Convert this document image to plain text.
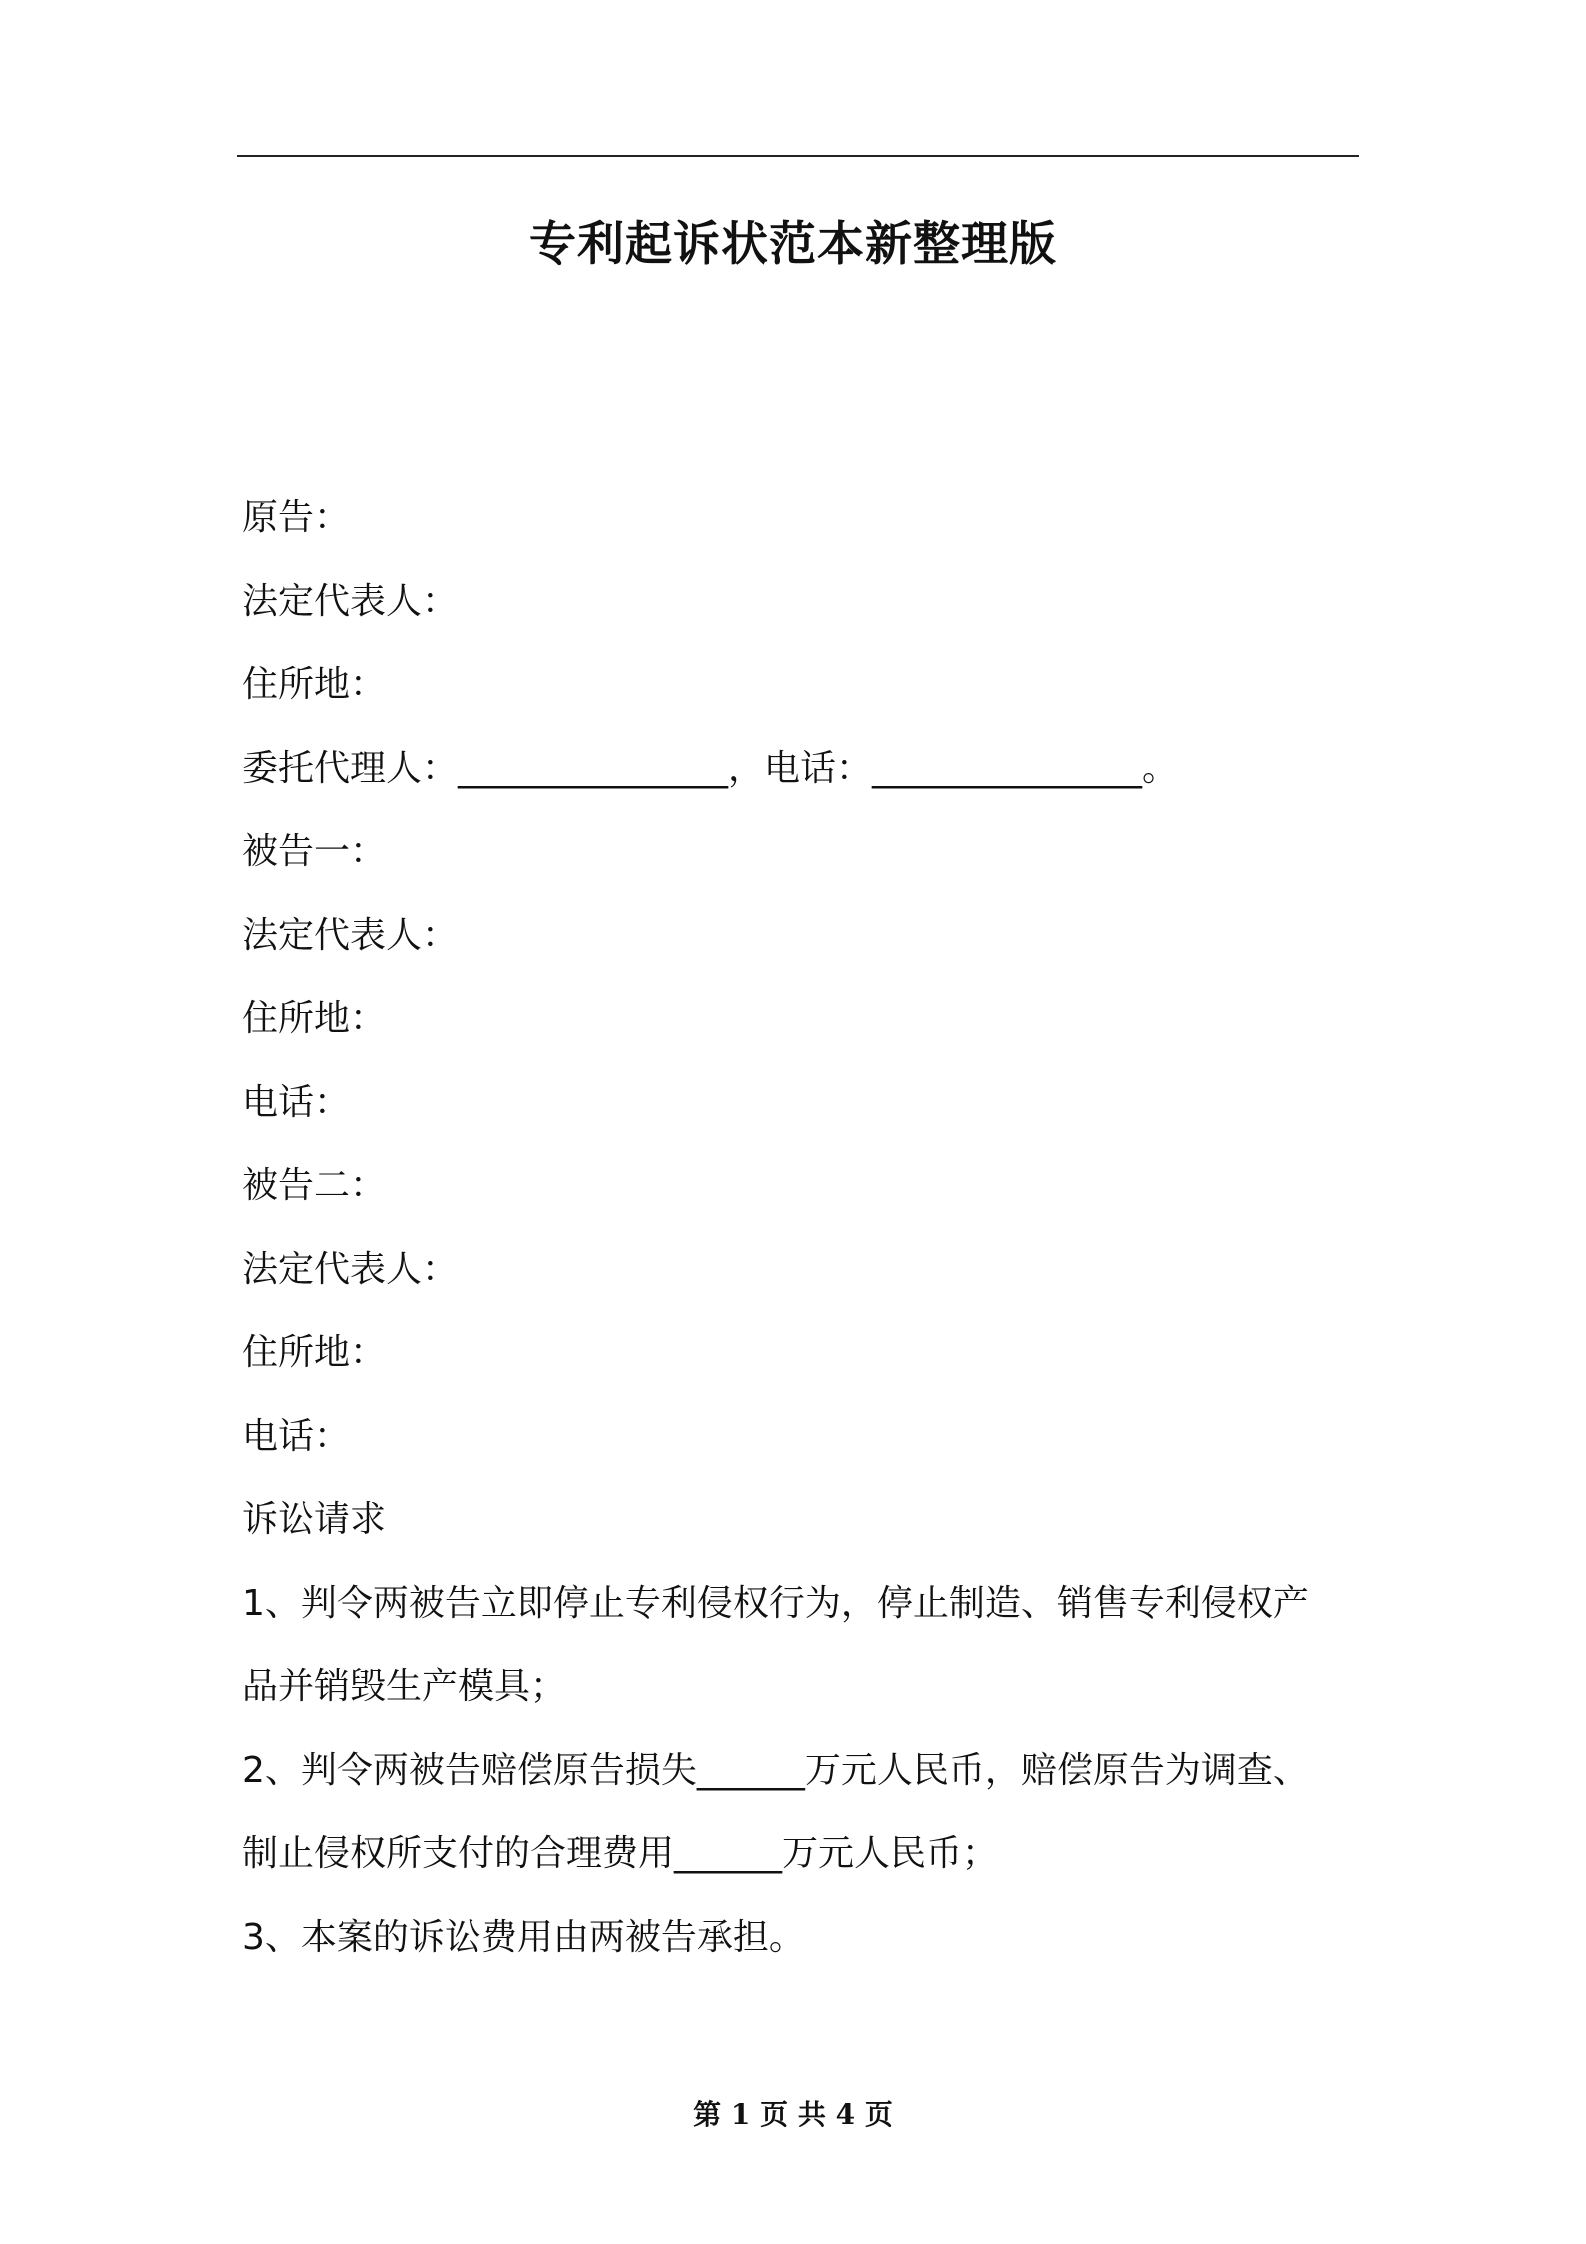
专利起诉状范本新整理版
原告：
法定代表人：
住所地：
委托代理人：_______________，电话：_______________。
被告一：
法定代表人：
住所地：
电话：
被告二：
法定代表人：
住所地：
电话：
诉讼请求
1、判令两被告立即停止专利侵权行为，停止制造、销售专利侵权产
品并销毁生产模具；
2、判令两被告赔偿原告损失______万元人民币，赔偿原告为调查、
制止侵权所支付的合理费用______万元人民币；
3、本案的诉讼费用由两被告承担。
第 1 页 共 4 页
